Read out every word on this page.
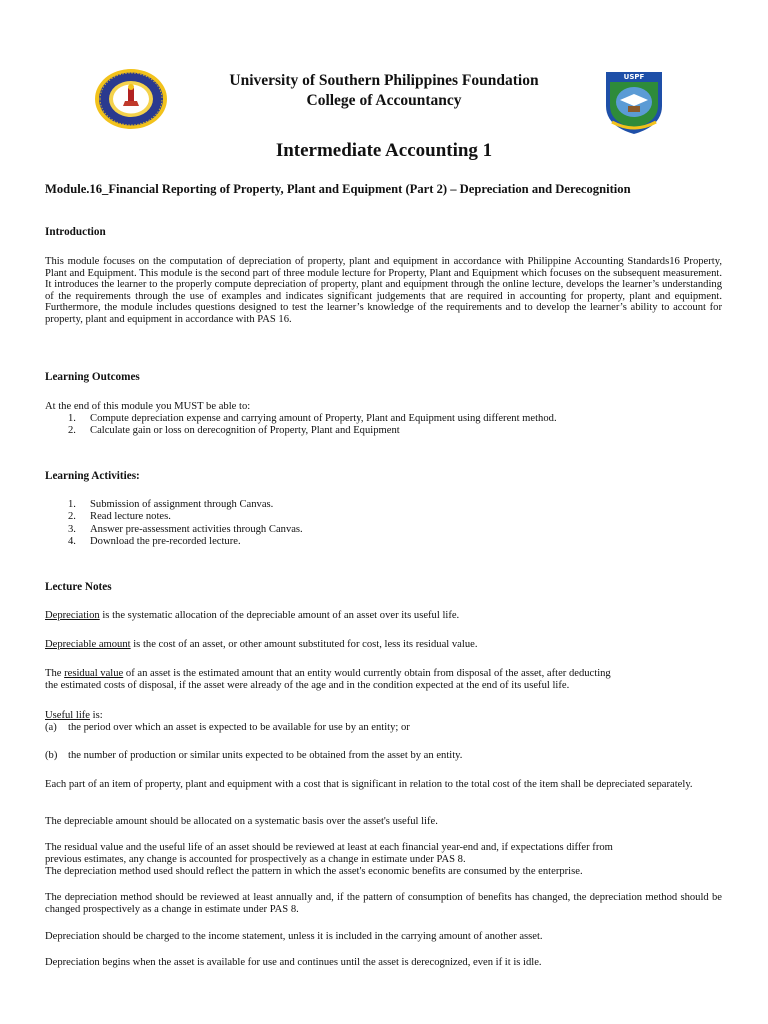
USPF
University of Southern Philippines Foundation
College of Accountancy
Intermediate Accounting 1
Module.16_Financial Reporting of Property, Plant and Equipment (Part 2) – Depreciation and Derecognition
Introduction
This module focuses on the computation of depreciation of property, plant and equipment in accordance with Philippine Accounting Standards16 Property, Plant and Equipment. This module is the second part of three module lecture for Property, Plant and Equipment which focuses on the subsequent measurement. It introduces the learner to the properly compute depreciation of property, plant and equipment through the online lecture, develops the learner’s understanding of the requirements through the use of examples and indicates significant judgements that are required in accounting for property, plant and equipment. Furthermore, the module includes questions designed to test the learner’s knowledge of the requirements and to develop the learner’s ability to account for property, plant and equipment in accordance with PAS 16.
Learning Outcomes
At the end of this module you MUST be able to:
1. Compute depreciation expense and carrying amount of Property, Plant and Equipment using different method.
2. Calculate gain or loss on derecognition of Property, Plant and Equipment
Learning Activities:
1. Submission of assignment through Canvas.
2. Read lecture notes.
3. Answer pre-assessment activities through Canvas.
4. Download the pre-recorded lecture.
Lecture Notes
Depreciation is the systematic allocation of the depreciable amount of an asset over its useful life.
Depreciable amount is the cost of an asset, or other amount substituted for cost, less its residual value.
The residual value of an asset is the estimated amount that an entity would currently obtain from disposal of the asset, after deducting
the estimated costs of disposal, if the asset were already of the age and in the condition expected at the end of its useful life.
Useful life is:
(a) the period over which an asset is expected to be available for use by an entity; or
(b) the number of production or similar units expected to be obtained from the asset by an entity.
Each part of an item of property, plant and equipment with a cost that is significant in relation to the total cost of the item shall be depreciated separately.
The depreciable amount should be allocated on a systematic basis over the asset's useful life.
The residual value and the useful life of an asset should be reviewed at least at each financial year-end and, if expectations differ from
previous estimates, any change is accounted for prospectively as a change in estimate under PAS 8.
The depreciation method used should reflect the pattern in which the asset's economic benefits are consumed by the enterprise.
The depreciation method should be reviewed at least annually and, if the pattern of consumption of benefits has changed, the depreciation method should be changed prospectively as a change in estimate under PAS 8.
Depreciation should be charged to the income statement, unless it is included in the carrying amount of another asset.
Depreciation begins when the asset is available for use and continues until the asset is derecognized, even if it is idle.
